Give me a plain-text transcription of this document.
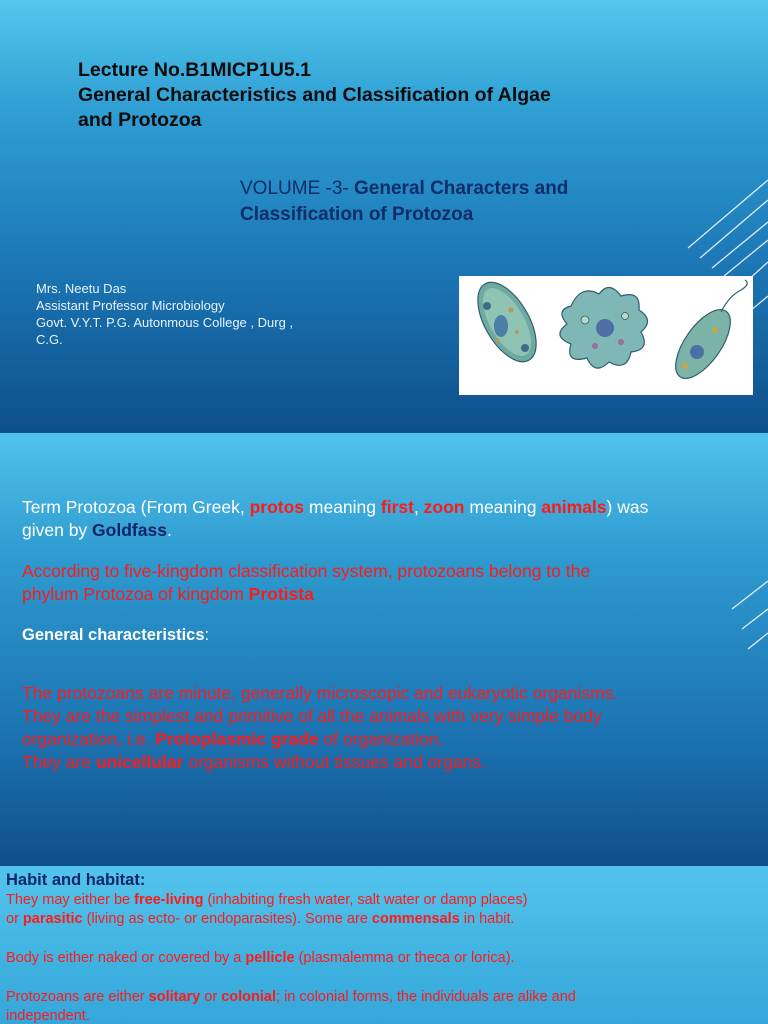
Lecture No.B1MICP1U5.1
General Characteristics and Classification of Algae
and Protozoa
VOLUME -3- General Characters and
Classification of Protozoa
Mrs. Neetu Das
Assistant Professor Microbiology
Govt. V.Y.T. P.G. Autonmous College , Durg ,
C.G.
Term Protozoa (From Greek, protos meaning first, zoon meaning animals) was
given by Goldfass.
According to five-kingdom classification system, protozoans belong to the
phylum Protozoa of kingdom Protista
General characteristics:
The protozoans are minute, generally microscopic and eukaryotic organisms.
They are the simplest and primitive of all the animals with very simple body
organization, i.e. Protoplasmic grade of organization.
They are unicellular organisms without tissues and organs.
Habit and habitat:
They may either be free-living (inhabiting fresh water, salt water or damp places)
or parasitic (living as ecto- or endoparasites). Some are commensals in habit.
Body is either naked or covered by a pellicle (plasmalemma or theca or lorica).
Protozoans are either solitary or colonial; in colonial forms, the individuals are alike and
independent.
